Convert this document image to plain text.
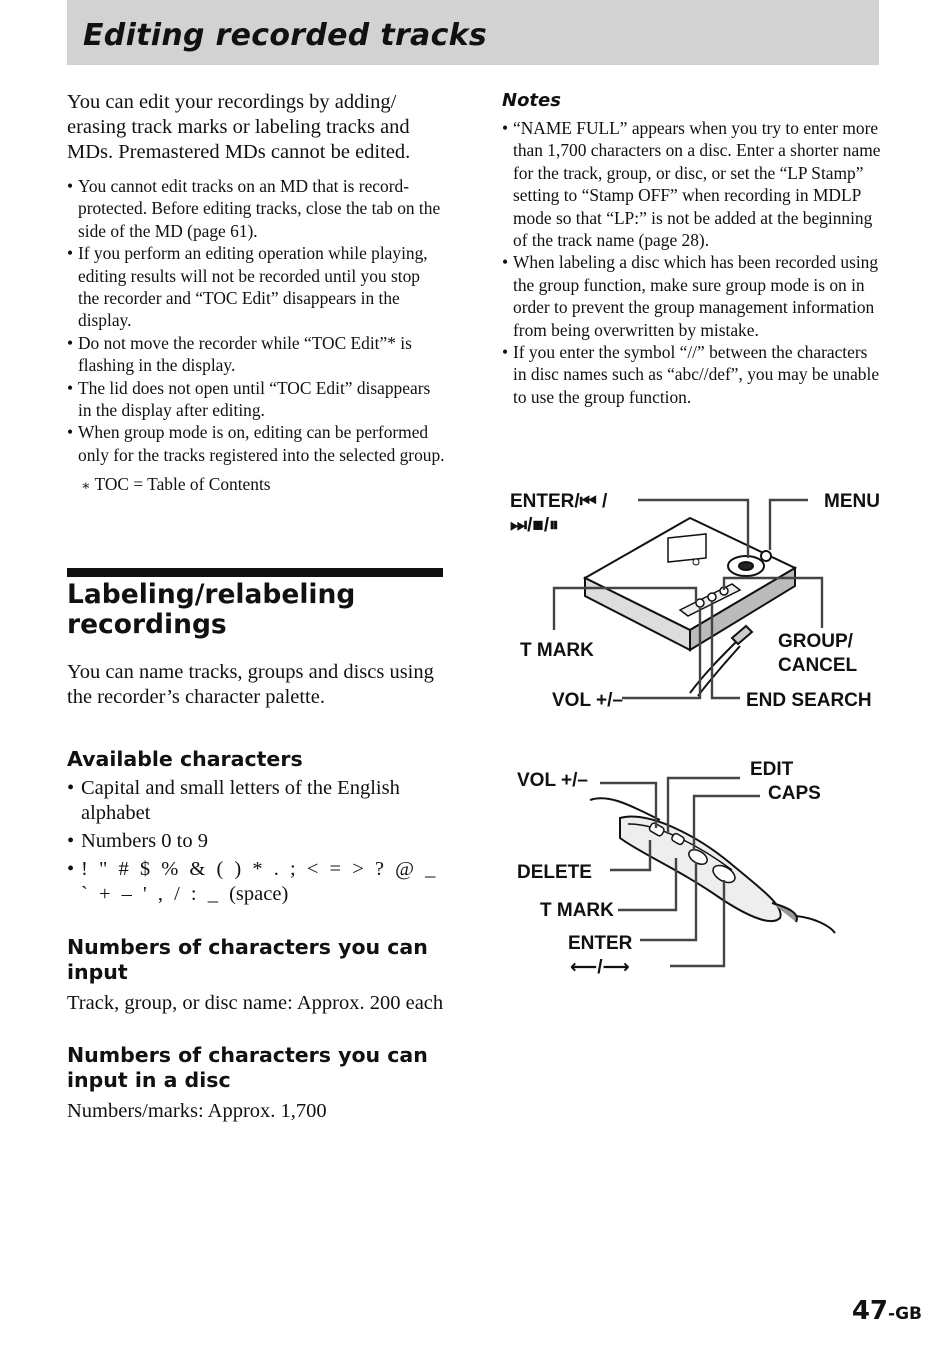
Editing recorded tracks

You can edit your recordings by adding/ erasing track marks or labeling tracks and MDs. Premastered MDs cannot be edited.

• You cannot edit tracks on an MD that is record-protected. Before editing tracks, close the tab on the side of the MD (page 61).
• If you perform an editing operation while playing, editing results will not be recorded until you stop the recorder and “TOC Edit” disappears in the display.
• Do not move the recorder while “TOC Edit”* is flashing in the display.
• The lid does not open until “TOC Edit” disappears in the display after editing.
• When group mode is on, editing can be performed only for the tracks registered into the selected group.

∗ TOC = Table of Contents

Labeling/relabeling
recordings

You can name tracks, groups and discs using the recorder’s character palette.

Available characters
• Capital and small letters of the English alphabet
• Numbers 0 to 9
• ! " # $ % & ( ) * . ; < = > ? @ _ ` + – ' , / : _ (space)
Numbers of characters you can input

Track, group, or disc name: Approx. 200 each

Numbers of characters you can input in a disc

Numbers/marks: Approx. 1,700

Notes
• “NAME FULL” appears when you try to enter more than 1,700 characters on a disc. Enter a shorter name for the track, group, or disc, or set the “LP Stamp” setting to “Stamp OFF” when recording in MDLP mode so that “LP:” is not be added at the beginning of the track name (page 28).
• When labeling a disc which has been recorded using the group function, make sure group mode is on in order to prevent the group management information from being overwritten by mistake.
• If you enter the symbol “//” between the characters in disc names such as “abc//def”, you may be unable to use the group function.
ENTER/⏮ /
⏭/■/⏸
MENU
T MARK	GROUP/
CANCEL
VOL +/–	END SEARCH
VOL +/–
EDIT
CAPS
DELETE
T MARK
ENTER
⟵/⟶
47-GB
